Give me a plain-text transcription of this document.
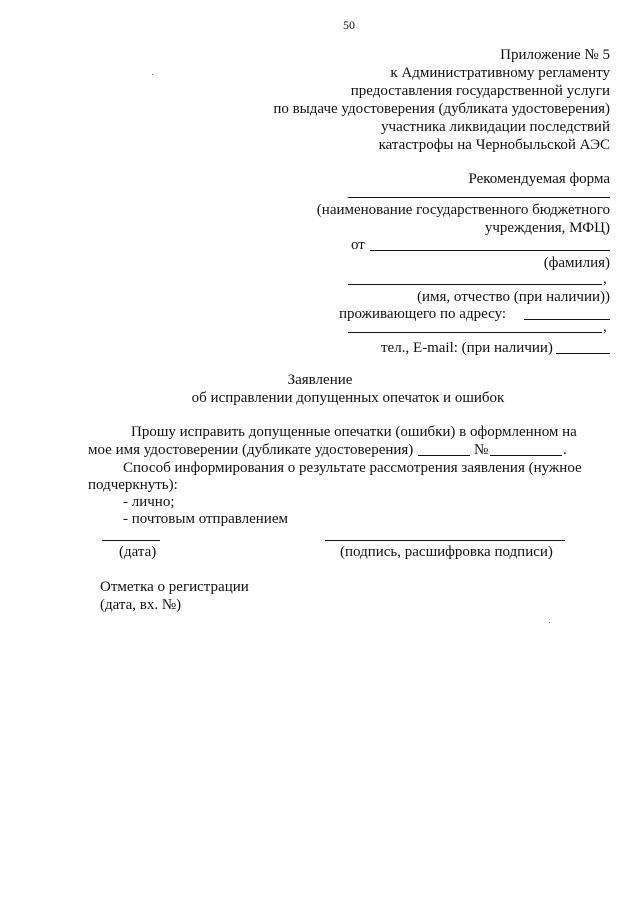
50
Приложение № 5
к Административному регламенту
предоставления государственной услуги
по выдаче удостоверения (дубликата удостоверения)
участника ликвидации последствий
катастрофы на Чернобыльской АЭС
Рекомендуемая форма
(наименование государственного бюджетного
учреждения, МФЦ)
от
(фамилия)
,
(имя, отчество (при наличии))
проживающего по адресу:
,
тел., E-mail: (при наличии)
Заявление
об исправлении допущенных опечаток и ошибок
Прошу исправить допущенные опечатки (ошибки) в оформленном на
мое имя удостоверении (дубликате удостоверения)	№	.
Способ информирования о результате рассмотрения заявления (нужное
подчеркнуть):
- лично;
- почтовым отправлением
(дата)	(подпись, расшифровка подписи)
Отметка о регистрации
(дата, вх. №)
